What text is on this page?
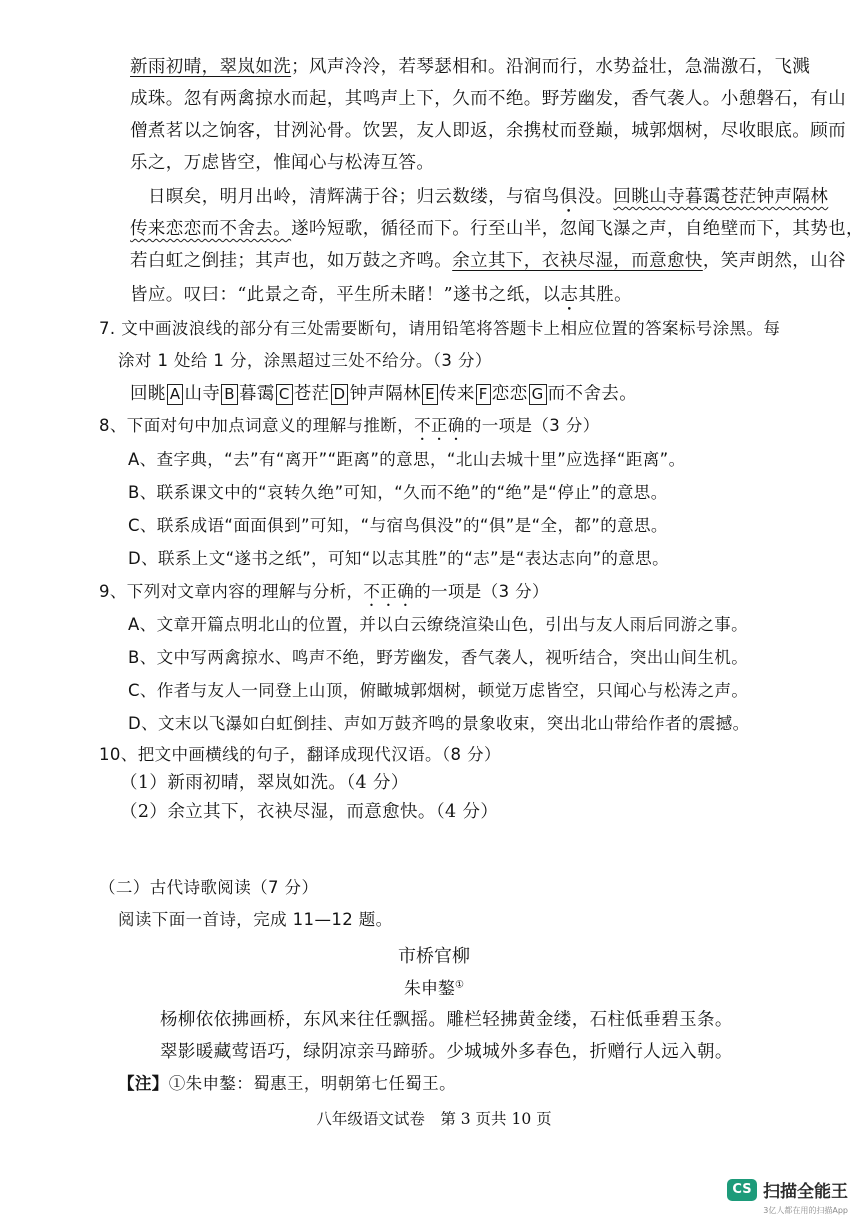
新雨初晴，翠岚如洗；风声泠泠，若琴瑟相和。沿涧而行，水势益壮，急湍激石，飞溅
成珠。忽有两禽掠水而起，其鸣声上下，久而不绝。野芳幽发，香气袭人。小憩磐石，有山
僧煮茗以之饷客，甘洌沁骨。饮罢，友人即返，余携杖而登巅，城郭烟树，尽收眼底。顾而
乐之，万虑皆空，惟闻心与松涛互答。
日暝矣，明月出岭，清辉满于谷；归云数缕，与宿鸟俱没。回眺山寺暮霭苍茫钟声隔林
传来恋恋而不舍去。遂吟短歌，循径而下。行至山半，忽闻飞瀑之声，自绝壁而下，其势也，
若白虹之倒挂；其声也，如万鼓之齐鸣。余立其下，衣袂尽湿，而意愈快，笑声朗然，山谷
皆应。叹曰：“此景之奇，平生所未睹！”遂书之纸，以志其胜。
7. 文中画波浪线的部分有三处需要断句，请用铅笔将答题卡上相应位置的答案标号涂黑。每
涂对 1 处给 1 分，涂黑超过三处不给分。（3 分）
回眺 A 山寺 B 暮霭 C 苍茫 D 钟声隔林 E 传来 F 恋恋 G 而不舍去。
8、下面对句中加点词意义的理解与推断，不正确的一项是（3 分）
A、查字典，“去”有“离开”“距离”的意思，“北山去城十里”应选择“距离”。
B、联系课文中的“哀转久绝”可知，“久而不绝”的“绝”是“停止”的意思。
C、联系成语“面面俱到”可知，“与宿鸟俱没”的“俱”是“全，都”的意思。
D、联系上文“遂书之纸”，可知“以志其胜”的“志”是“表达志向”的意思。
9、下列对文章内容的理解与分析，不正确的一项是（3 分）
A、文章开篇点明北山的位置，并以白云缭绕渲染山色，引出与友人雨后同游之事。
B、文中写两禽掠水、鸣声不绝，野芳幽发，香气袭人，视听结合，突出山间生机。
C、作者与友人一同登上山顶，俯瞰城郭烟树，顿觉万虑皆空，只闻心与松涛之声。
D、文末以飞瀑如白虹倒挂、声如万鼓齐鸣的景象收束，突出北山带给作者的震撼。
10、把文中画横线的句子，翻译成现代汉语。（8 分）
（1）新雨初晴，翠岚如洗。（4 分）
（2）余立其下，衣袂尽湿，而意愈快。（4 分）
（二）古代诗歌阅读（7 分）
阅读下面一首诗，完成 11—12 题。
市桥官柳
朱申鏊①
杨柳依依拂画桥，东风来往任飘摇。雕栏轻拂黄金缕，石柱低垂碧玉条。
翠影暖藏莺语巧，绿阴凉亲马蹄骄。少城城外多春色，折赠行人远入朝。
【注】①朱申鏊：蜀惠王，明朝第七任蜀王。
八年级语文试卷　第 3 页共 10 页
CS 扫描全能王
3亿人都在用的扫描App
